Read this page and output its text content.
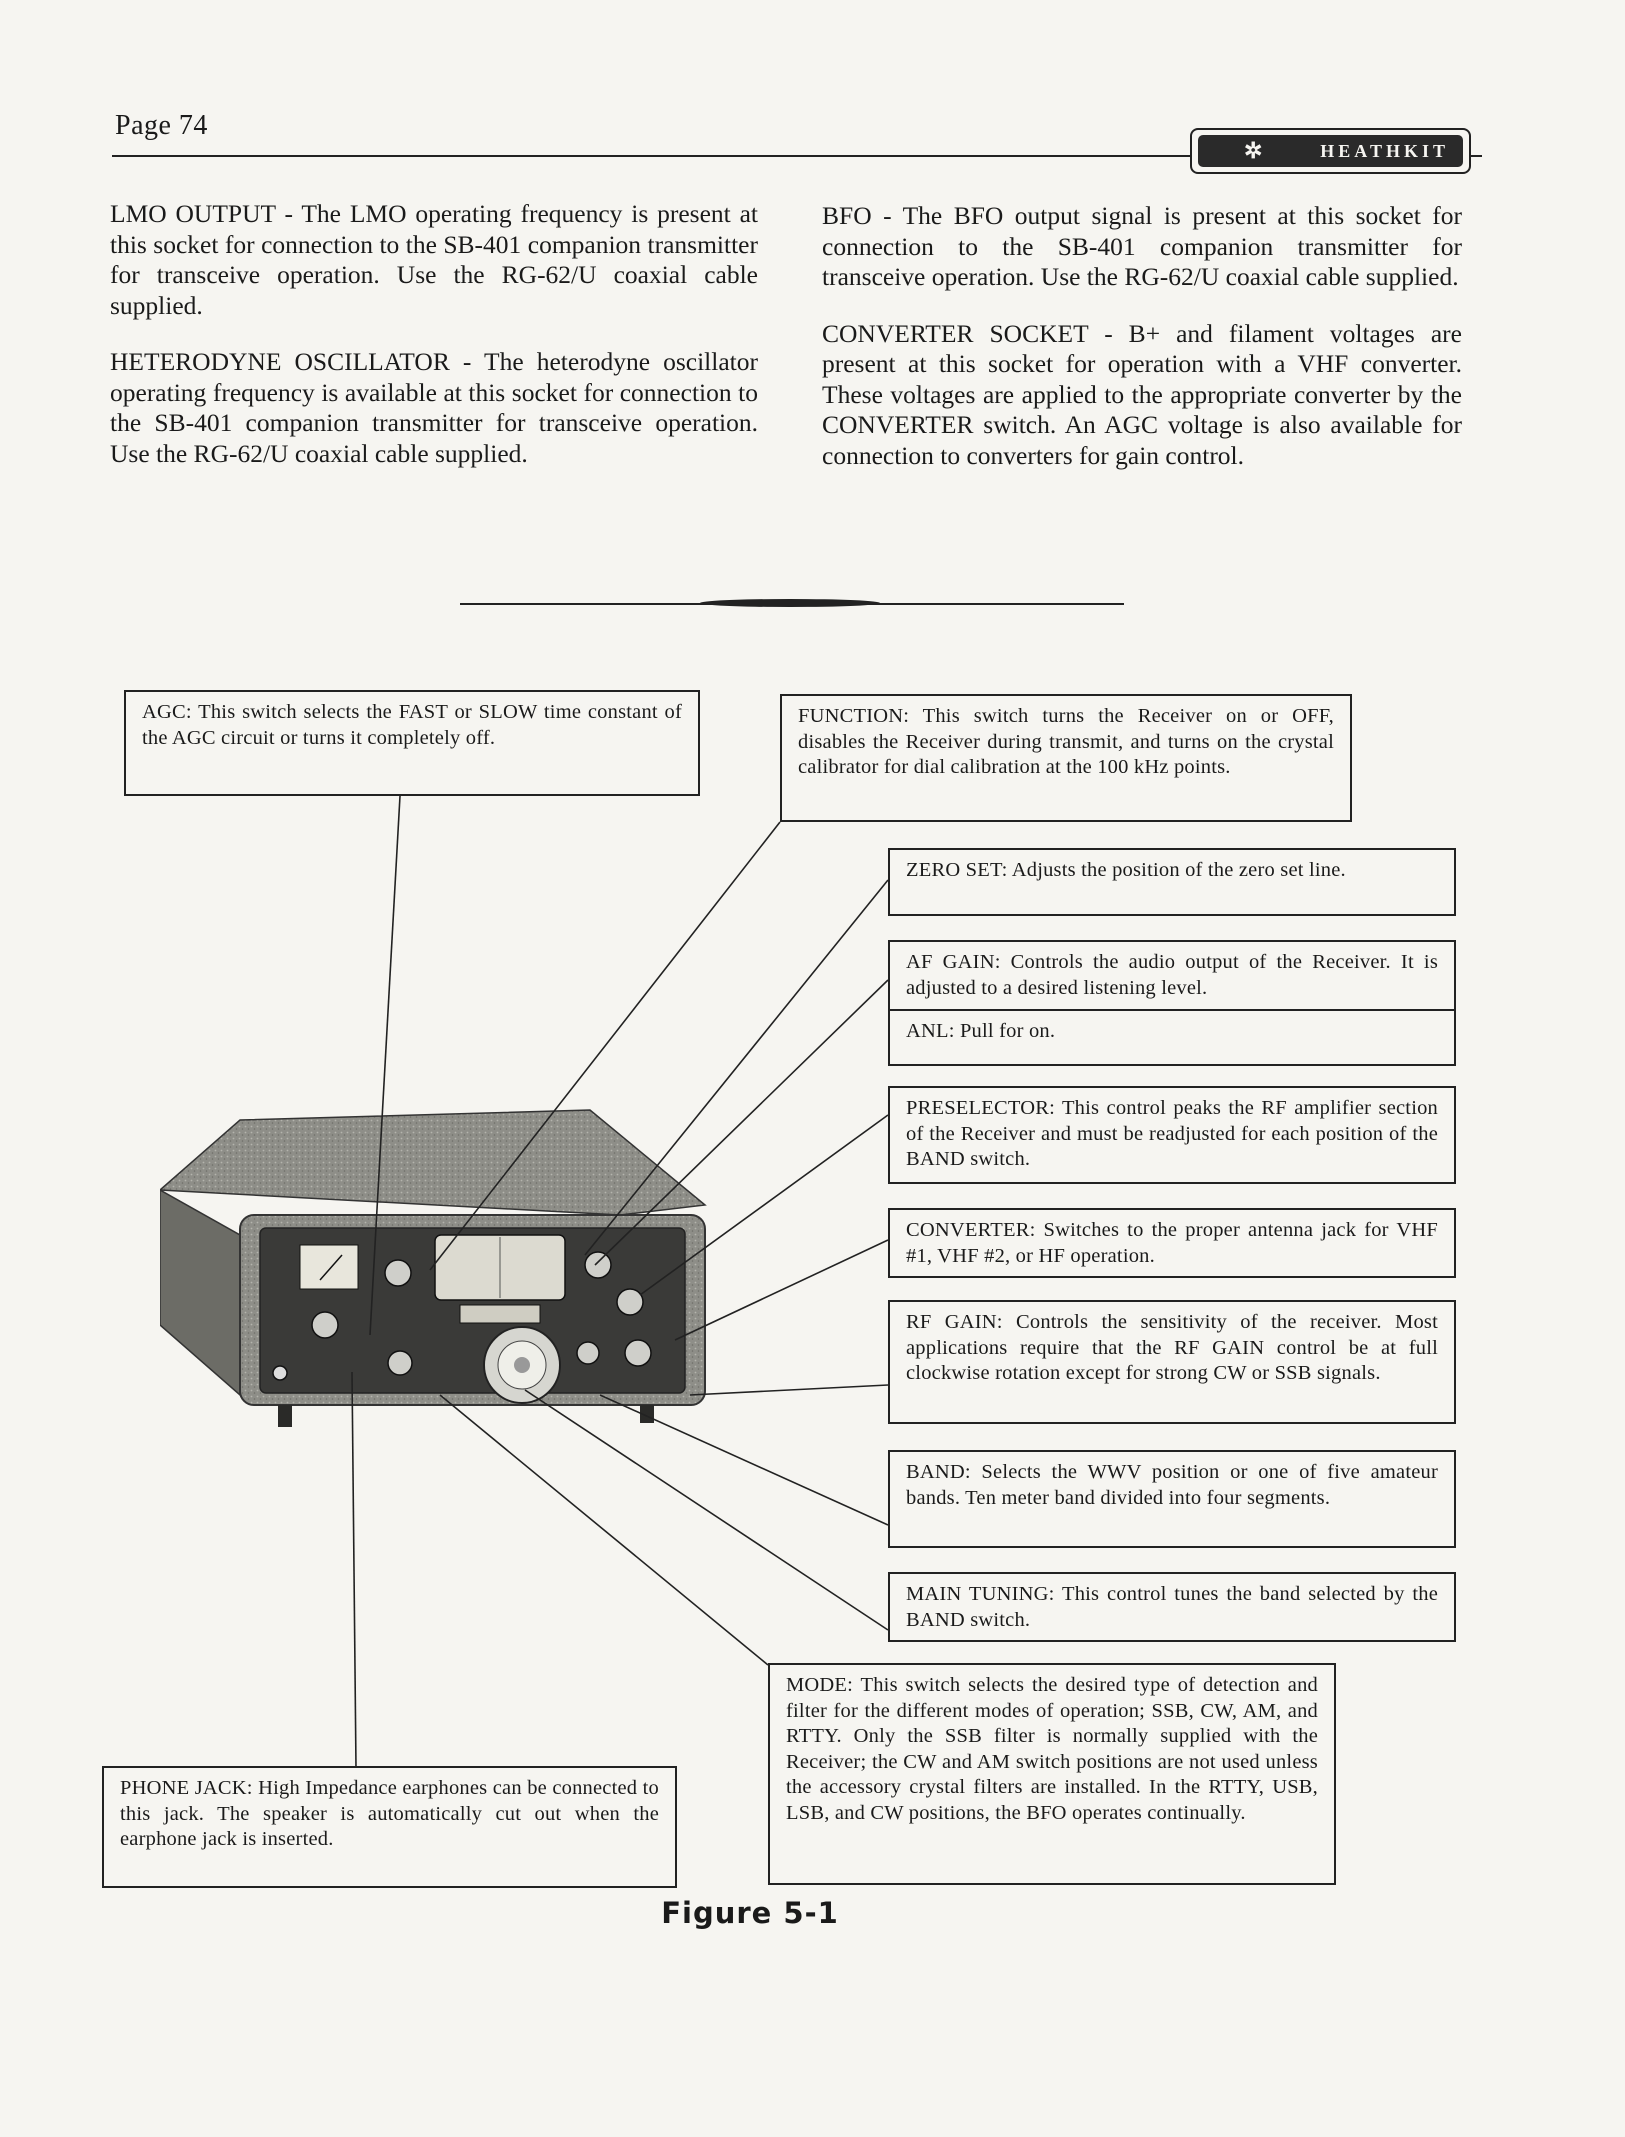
Page 74
✲	HEATHKIT

LMO OUTPUT - The LMO operating frequency is present at this socket for connection to the SB-401 companion transmitter for transceive operation. Use the RG-62/U coaxial cable supplied.

HETERODYNE OSCILLATOR - The heterodyne oscillator operating frequency is available at this socket for connection to the SB-401 companion transmitter for transceive operation. Use the RG-62/U coaxial cable supplied.

BFO - The BFO output signal is present at this socket for connection to the SB-401 companion transmitter for transceive operation. Use the RG-62/U coaxial cable supplied.

CONVERTER SOCKET - B+ and filament voltages are present at this socket for operation with a VHF converter. These voltages are applied to the appropriate converter by the CONVERTER switch. An AGC voltage is also available for connection to converters for gain control.

AGC: This switch selects the FAST or SLOW time constant of the AGC circuit or turns it completely off.
FUNCTION: This switch turns the Receiver on or OFF, disables the Receiver during transmit, and turns on the crystal calibrator for dial calibration at the 100 kHz points.
ZERO SET: Adjusts the position of the zero set line.
AF GAIN: Controls the audio output of the Receiver. It is adjusted to a desired listening level.
ANL: Pull for on.
PRESELECTOR: This control peaks the RF amplifier section of the Receiver and must be readjusted for each position of the BAND switch.
CONVERTER: Switches to the proper antenna jack for VHF #1, VHF #2, or HF operation.
RF GAIN: Controls the sensitivity of the receiver. Most applications require that the RF GAIN control be at full clockwise rotation except for strong CW or SSB signals.
BAND: Selects the WWV position or one of five amateur bands. Ten meter band divided into four segments.
MAIN TUNING: This control tunes the band selected by the BAND switch.
MODE: This switch selects the desired type of detection and filter for the different modes of operation; SSB, CW, AM, and RTTY. Only the SSB filter is normally supplied with the Receiver; the CW and AM switch positions are not used unless the accessory crystal filters are installed. In the RTTY, USB, LSB, and CW positions, the BFO operates continually.
PHONE JACK: High Impedance earphones can be connected to this jack. The speaker is automatically cut out when the earphone jack is inserted.
Figure 5-1
